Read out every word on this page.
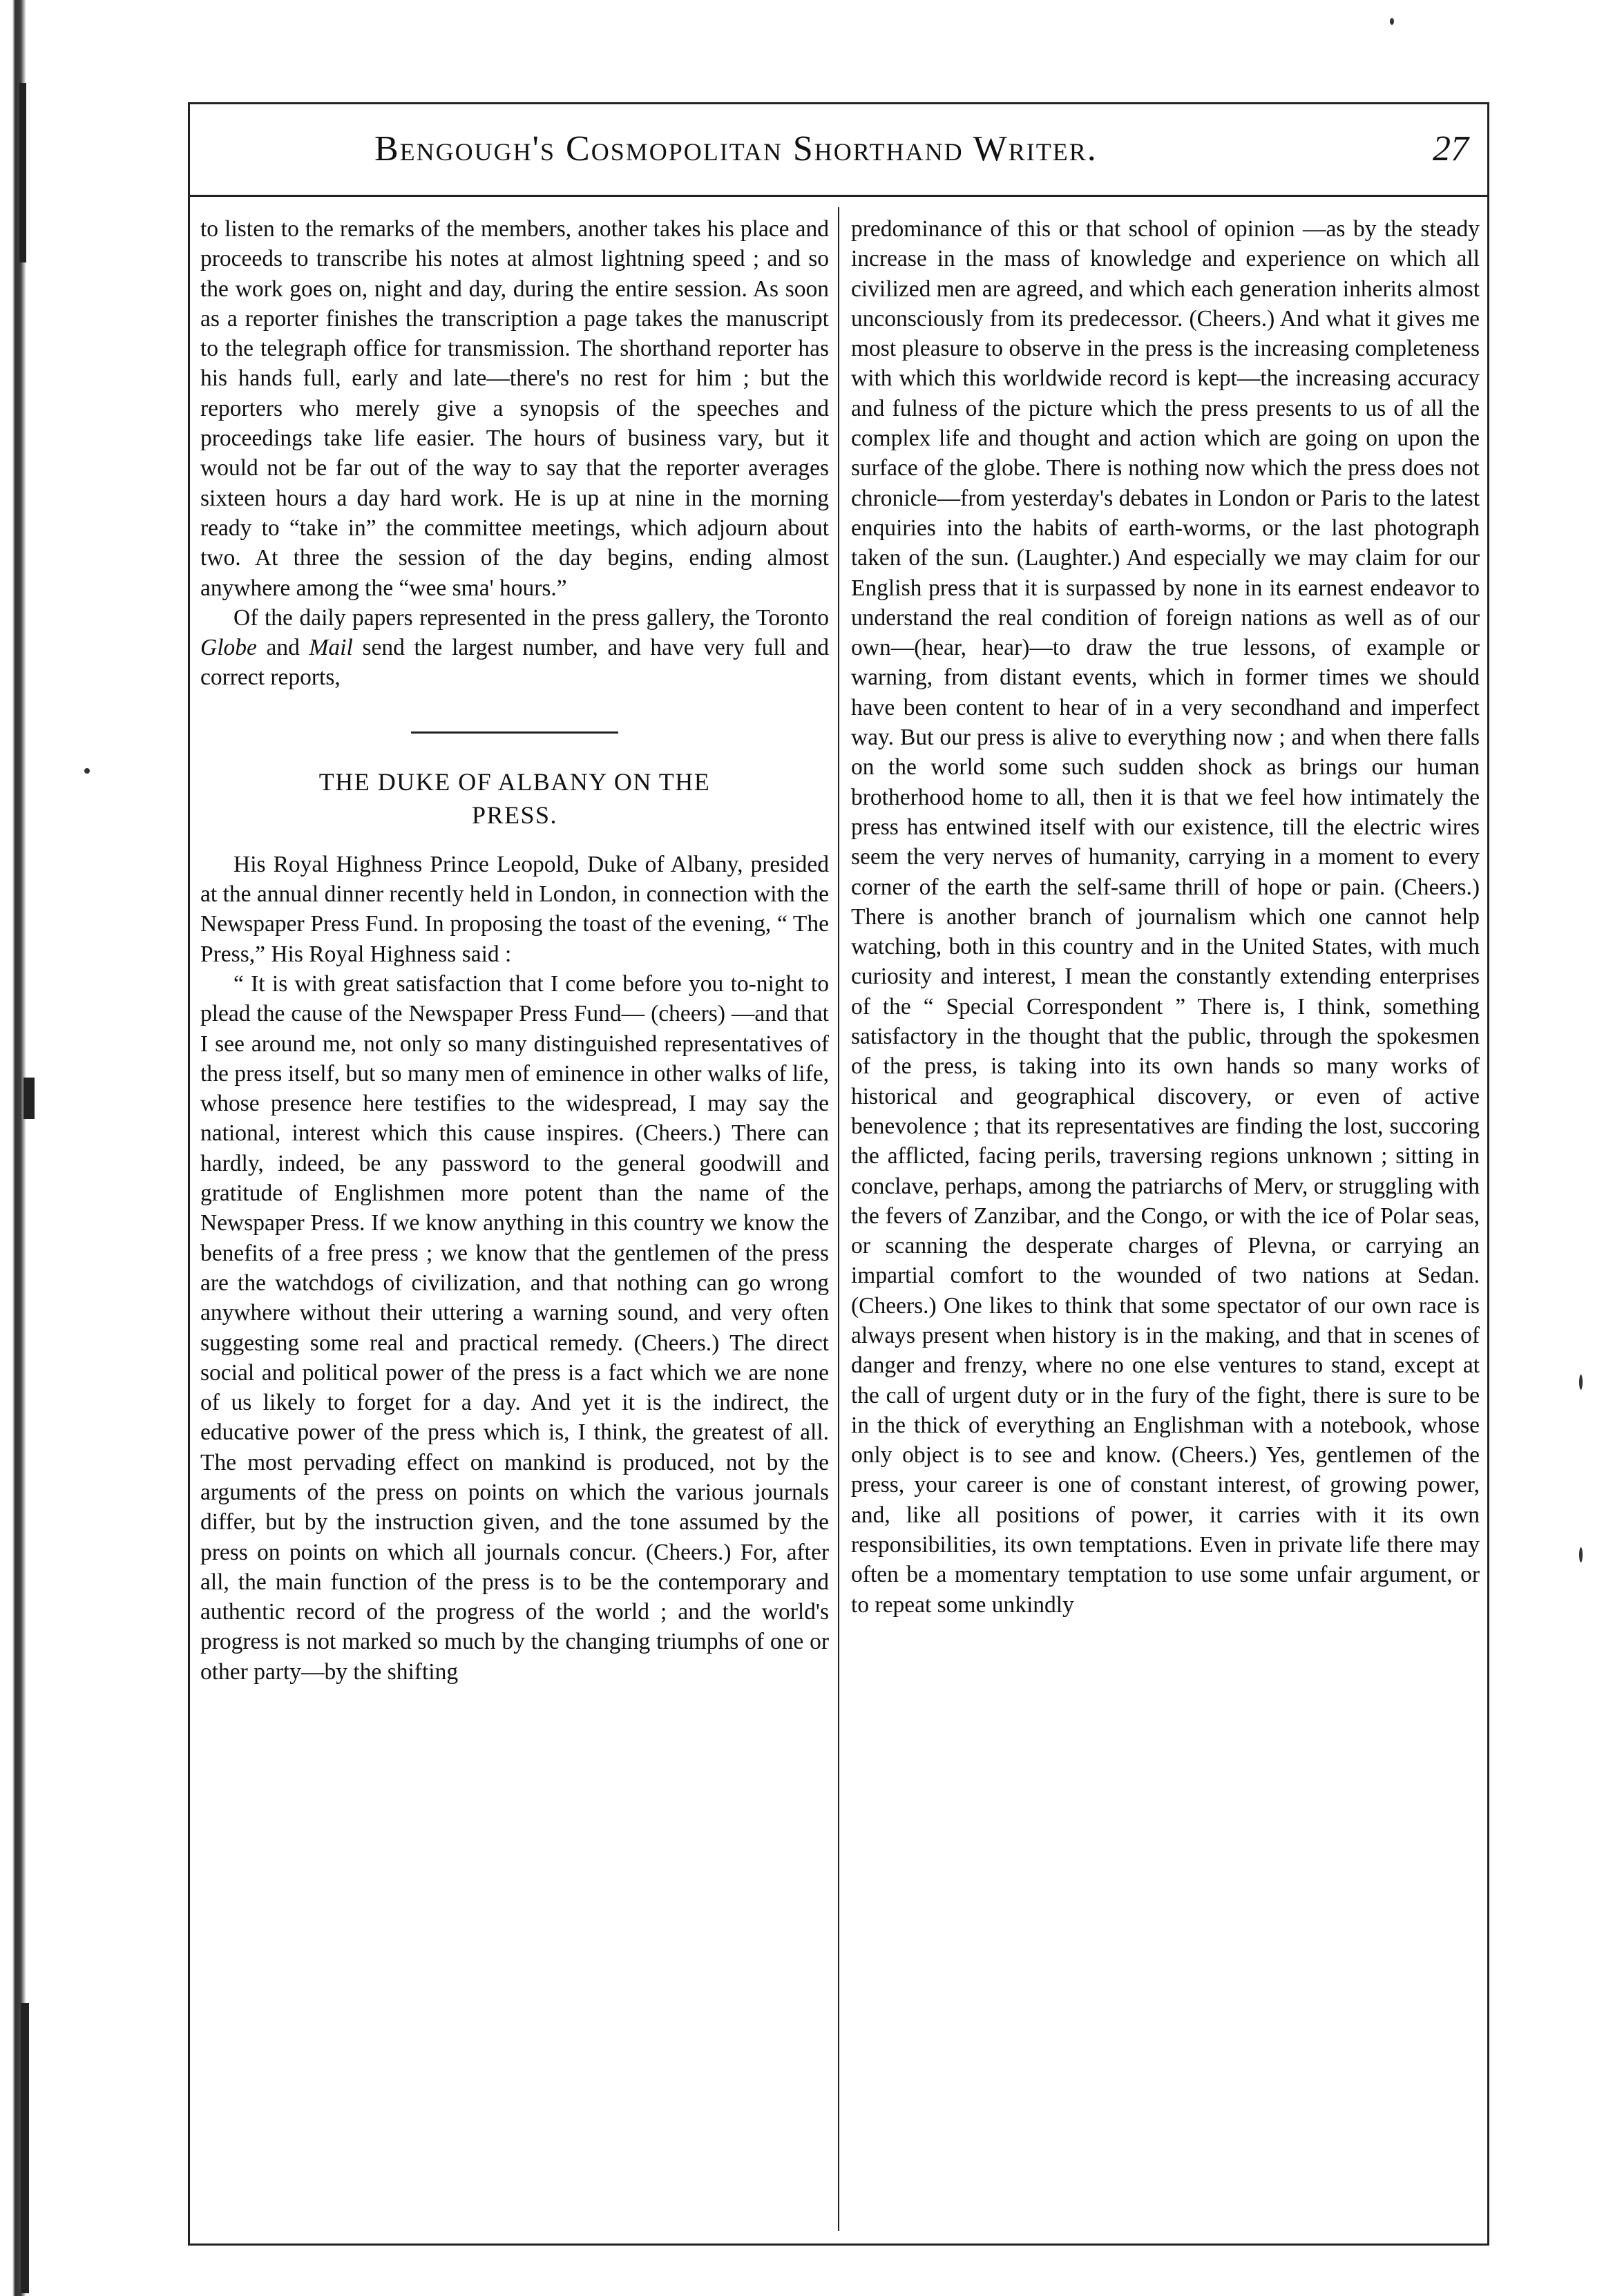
Bengough's Cosmopolitan Shorthand Writer.	27

to listen to the remarks of the members, another takes his place and proceeds to transcribe his notes at almost lightning speed ; and so the work goes on, night and day, during the entire session. As soon as a reporter finishes the transcription a page takes the manuscript to the telegraph office for transmission. The shorthand reporter has his hands full, early and late—there's no rest for him ; but the reporters who merely give a synopsis of the speeches and proceedings take life easier. The hours of business vary, but it would not be far out of the way to say that the reporter averages sixteen hours a day hard work. He is up at nine in the morning ready to “take in” the committee meetings, which adjourn about two. At three the session of the day begins, ending almost anywhere among the “wee sma' hours.”

Of the daily papers represented in the press gallery, the Toronto Globe and Mail send the largest number, and have very full and correct reports,

THE DUKE OF ALBANY ON THE
PRESS.

His Royal Highness Prince Leopold, Duke of Albany, presided at the annual dinner recently held in London, in connection with the Newspaper Press Fund. In proposing the toast of the evening, “ The Press,” His Royal Highness said :

“ It is with great satisfaction that I come before you to-night to plead the cause of the Newspaper Press Fund— (cheers) —and that I see around me, not only so many distinguished representatives of the press itself, but so many men of eminence in other walks of life, whose presence here testifies to the widespread, I may say the national, interest which this cause inspires. (Cheers.) There can hardly, indeed, be any password to the general goodwill and gratitude of Englishmen more potent than the name of the Newspaper Press. If we know anything in this country we know the benefits of a free press ; we know that the gentlemen of the press are the watchdogs of civilization, and that nothing can go wrong anywhere without their uttering a warning sound, and very often suggesting some real and practical remedy. (Cheers.) The direct social and political power of the press is a fact which we are none of us likely to forget for a day. And yet it is the indirect, the educative power of the press which is, I think, the greatest of all. The most pervading effect on mankind is produced, not by the arguments of the press on points on which the various journals differ, but by the instruction given, and the tone assumed by the press on points on which all journals concur. (Cheers.) For, after all, the main function of the press is to be the contemporary and authentic record of the progress of the world ; and the world's progress is not marked so much by the changing triumphs of one or other party—by the shifting

predominance of this or that school of opinion —as by the steady increase in the mass of knowledge and experience on which all civilized men are agreed, and which each generation inherits almost unconsciously from its predecessor. (Cheers.) And what it gives me most pleasure to observe in the press is the increasing completeness with which this worldwide record is kept—the increasing accuracy and fulness of the picture which the press presents to us of all the complex life and thought and action which are going on upon the surface of the globe. There is nothing now which the press does not chronicle—from yesterday's debates in London or Paris to the latest enquiries into the habits of earth-worms, or the last photograph taken of the sun. (Laughter.) And especially we may claim for our English press that it is surpassed by none in its earnest endeavor to understand the real condition of foreign nations as well as of our own—(hear, hear)—to draw the true lessons, of example or warning, from distant events, which in former times we should have been content to hear of in a very secondhand and imperfect way. But our press is alive to everything now ; and when there falls on the world some such sudden shock as brings our human brotherhood home to all, then it is that we feel how intimately the press has entwined itself with our existence, till the electric wires seem the very nerves of humanity, carrying in a moment to every corner of the earth the self-same thrill of hope or pain. (Cheers.) There is another branch of journalism which one cannot help watching, both in this country and in the United States, with much curiosity and interest, I mean the constantly extending enterprises of the “ Special Correspondent ” There is, I think, something satisfactory in the thought that the public, through the spokesmen of the press, is taking into its own hands so many works of historical and geographical discovery, or even of active benevolence ; that its representatives are finding the lost, succoring the afflicted, facing perils, traversing regions unknown ; sitting in conclave, perhaps, among the patriarchs of Merv, or struggling with the fevers of Zanzibar, and the Congo, or with the ice of Polar seas, or scanning the desperate charges of Plevna, or carrying an impartial comfort to the wounded of two nations at Sedan. (Cheers.) One likes to think that some spectator of our own race is always present when history is in the making, and that in scenes of danger and frenzy, where no one else ventures to stand, except at the call of urgent duty or in the fury of the fight, there is sure to be in the thick of everything an Englishman with a notebook, whose only object is to see and know. (Cheers.) Yes, gentlemen of the press, your career is one of constant interest, of growing power, and, like all positions of power, it carries with it its own responsibilities, its own temptations. Even in private life there may often be a momentary temptation to use some unfair argument, or to repeat some unkindly
